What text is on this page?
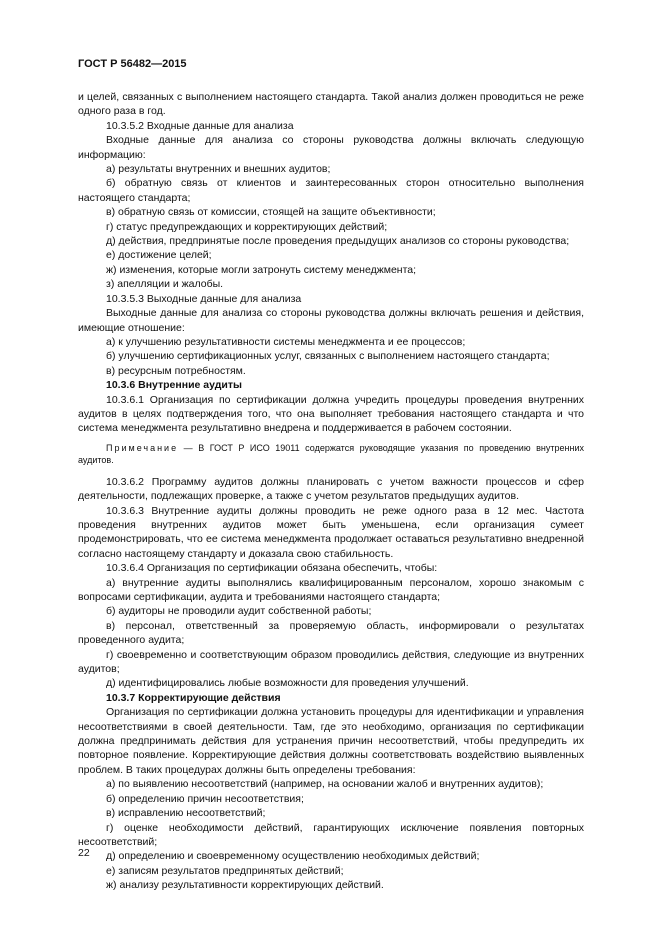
ГОСТ Р 56482—2015

и целей, связанных с выполнением настоящего стандарта. Такой анализ должен проводиться не реже одного раза в год.

10.3.5.2 Входные данные для анализа

Входные данные для анализа со стороны руководства должны включать следующую информацию:

а) результаты внутренних и внешних аудитов;

б) обратную связь от клиентов и заинтересованных сторон относительно выполнения настоящего стандарта;

в) обратную связь от комиссии, стоящей на защите объективности;

г) статус предупреждающих и корректирующих действий;

д) действия, предпринятые после проведения предыдущих анализов со стороны руководства;

е) достижение целей;

ж) изменения, которые могли затронуть систему менеджмента;

з) апелляции и жалобы.

10.3.5.3 Выходные данные для анализа

Выходные данные для анализа со стороны руководства должны включать решения и действия, имеющие отношение:

а) к улучшению результативности системы менеджмента и ее процессов;

б) улучшению сертификационных услуг, связанных с выполнением настоящего стандарта;

в) ресурсным потребностям.

10.3.6 Внутренние аудиты

10.3.6.1 Организация по сертификации должна учредить процедуры проведения внутренних аудитов в целях подтверждения того, что она выполняет требования настоящего стандарта и что система менеджмента результативно внедрена и поддерживается в рабочем состоянии.

Примечание — В ГОСТ Р ИСО 19011 содержатся руководящие указания по проведению внутренних аудитов.

10.3.6.2 Программу аудитов должны планировать с учетом важности процессов и сфер деятельности, подлежащих проверке, а также с учетом результатов предыдущих аудитов.

10.3.6.3 Внутренние аудиты должны проводить не реже одного раза в 12 мес. Частота проведения внутренних аудитов может быть уменьшена, если организация сумеет продемонстрировать, что ее система менеджмента продолжает оставаться результативно внедренной согласно настоящему стандарту и доказала свою стабильность.

10.3.6.4 Организация по сертификации обязана обеспечить, чтобы:

а) внутренние аудиты выполнялись квалифицированным персоналом, хорошо знакомым с вопросами сертификации, аудита и требованиями настоящего стандарта;

б) аудиторы не проводили аудит собственной работы;

в) персонал, ответственный за проверяемую область, информировали о результатах проведенного аудита;

г) своевременно и соответствующим образом проводились действия, следующие из внутренних аудитов;

д) идентифицировались любые возможности для проведения улучшений.

10.3.7 Корректирующие действия

Организация по сертификации должна установить процедуры для идентификации и управления несоответствиями в своей деятельности. Там, где это необходимо, организация по сертификации должна предпринимать действия для устранения причин несоответствий, чтобы предупредить их повторное появление. Корректирующие действия должны соответствовать воздействию выявленных проблем. В таких процедурах должны быть определены требования:

а) по выявлению несоответствий (например, на основании жалоб и внутренних аудитов);

б) определению причин несоответствия;

в) исправлению несоответствий;

г) оценке необходимости действий, гарантирующих исключение появления повторных несоответствий;

д) определению и своевременному осуществлению необходимых действий;

е) записям результатов предпринятых действий;

ж) анализу результативности корректирующих действий.

22
